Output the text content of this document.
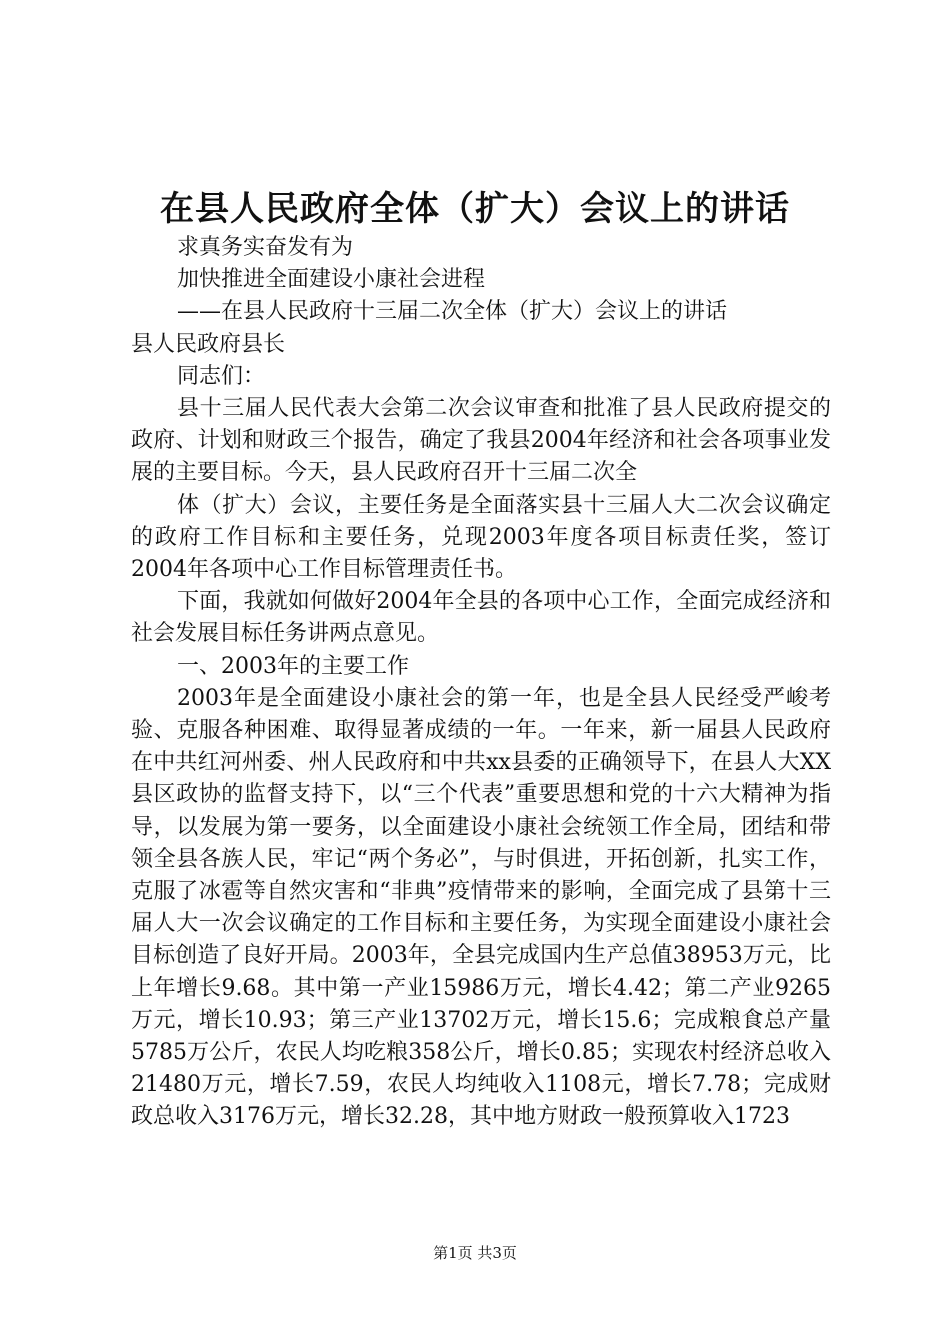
在县人民政府全体（扩大）会议上的讲话
求真务实奋发有为
加快推进全面建设小康社会进程
——在县人民政府十三届二次全体（扩大）会议上的讲话
县人民政府县长
同志们：
县十三届人民代表大会第二次会议审查和批准了县人民政府提交的政府、计划和财政三个报告，确定了我县2004年经济和社会各项事业发展的主要目标。今天，县人民政府召开十三届二次全
体（扩大）会议，主要任务是全面落实县十三届人大二次会议确定的政府工作目标和主要任务，兑现2003年度各项目标责任奖，签订2004年各项中心工作目标管理责任书。
下面，我就如何做好2004年全县的各项中心工作，全面完成经济和社会发展目标任务讲两点意见。
一、2003年的主要工作
2003年是全面建设小康社会的第一年，也是全县人民经受严峻考验、克服各种困难、取得显著成绩的一年。一年来，新一届县人民政府在中共红河州委、州人民政府和中共xx县委的正确领导下，在县人大XX县区政协的监督支持下，以“三个代表”重要思想和党的十六大精神为指导，以发展为第一要务，以全面建设小康社会统领工作全局，团结和带领全县各族人民，牢记“两个务必”，与时俱进，开拓创新，扎实工作，克服了冰雹等自然灾害和“非典”疫情带来的影响，全面完成了县第十三届人大一次会议确定的工作目标和主要任务，为实现全面建设小康社会目标创造了良好开局。2003年，全县完成国内生产总值38953万元，比上年增长9.68。其中第一产业15986万元，增长4.42；第二产业9265万元，增长10.93；第三产业13702万元，增长15.6；完成粮食总产量5785万公斤，农民人均吃粮358公斤，增长0.85；实现农村经济总收入21480万元，增长7.59，农民人均纯收入1108元，增长7.78；完成财政总收入3176万元，增长32.28，其中地方财政一般预算收入1723
第1页 共3页
